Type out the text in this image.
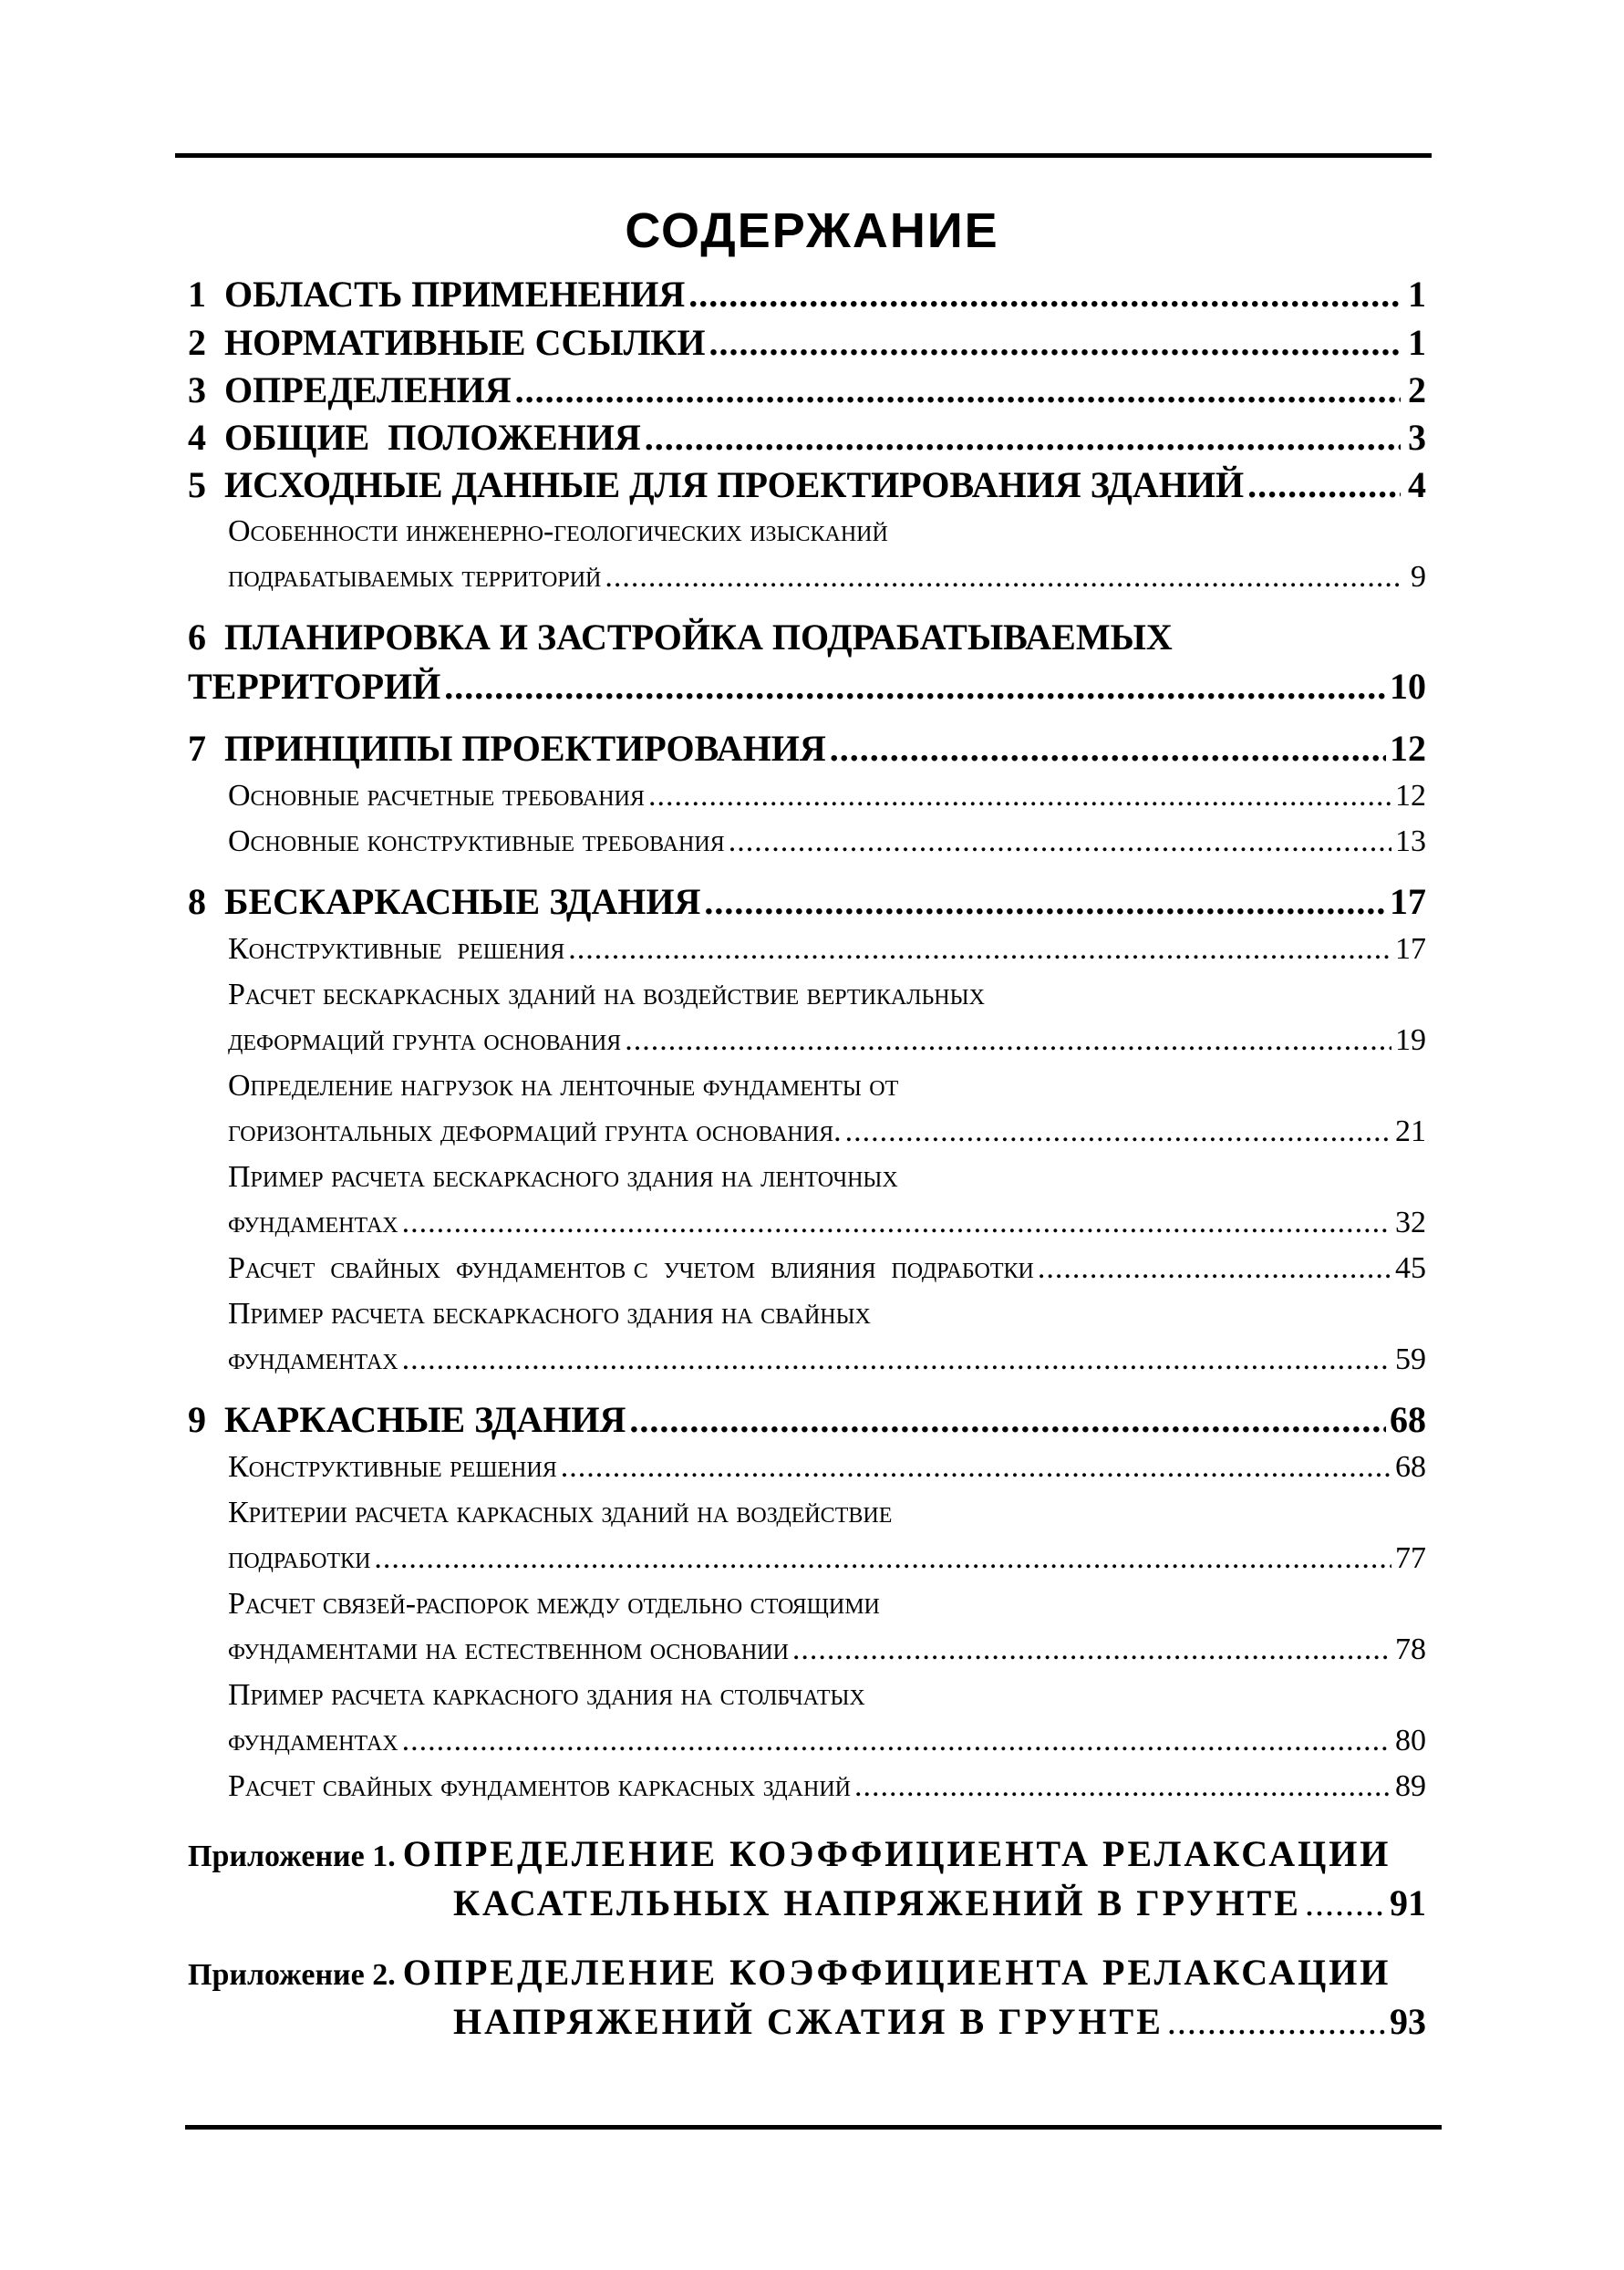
СОДЕРЖАНИЕ
1 ОБЛАСТЬ ПРИМЕНЕНИЯ .....	1
2 НОРМАТИВНЫЕ ССЫЛКИ .....	1
3 ОПРЕДЕЛЕНИЯ .....	2
4 ОБЩИЕ  ПОЛОЖЕНИЯ .....	3
5 ИСХОДНЫЕ ДАННЫЕ ДЛЯ ПРОЕКТИРОВАНИЯ ЗДАНИЙ .....	4
Особенности инженерно-геологических изысканий
подрабатываемых территорий .....	9
6 ПЛАНИРОВКА И ЗАСТРОЙКА ПОДРАБАТЫВАЕМЫХ
ТЕРРИТОРИЙ .....	10
7 ПРИНЦИПЫ ПРОЕКТИРОВАНИЯ .....	12
Основные расчетные требования .....	12
Основные конструктивные требования .....	13
8 БЕСКАРКАСНЫЕ ЗДАНИЯ .....	17
Конструктивные  решения .....	17
Расчет бескаркасных зданий на воздействие вертикальных
деформаций грунта основания .....	19
Определение нагрузок на ленточные фундаменты от
горизонтальных деформаций грунта основания. .....	21
Пример расчета бескаркасного здания на ленточных
фундаментах .....	32
Расчет  свайных  фундаментов с  учетом  влияния  подработки .....	45
Пример расчета бескаркасного здания на свайных
фундаментах .....	59
9 КАРКАСНЫЕ ЗДАНИЯ .....	68
Конструктивные решения .....	68
Критерии расчета каркасных зданий на воздействие
подработки .....	77
Расчет связей-распорок между отдельно стоящими
фундаментами на естественном основании .....	78
Пример расчета каркасного здания на столбчатых
фундаментах .....	80
Расчет свайных фундаментов каркасных зданий .....	89
Приложение 1. ОПРЕДЕЛЕНИЕ КОЭФФИЦИЕНТА РЕЛАКСАЦИИ
КАСАТЕЛЬНЫХ НАПРЯЖЕНИЙ В ГРУНТЕ ..... 91
Приложение 2. ОПРЕДЕЛЕНИЕ КОЭФФИЦИЕНТА РЕЛАКСАЦИИ
НАПРЯЖЕНИЙ СЖАТИЯ В ГРУНТЕ .....	93
